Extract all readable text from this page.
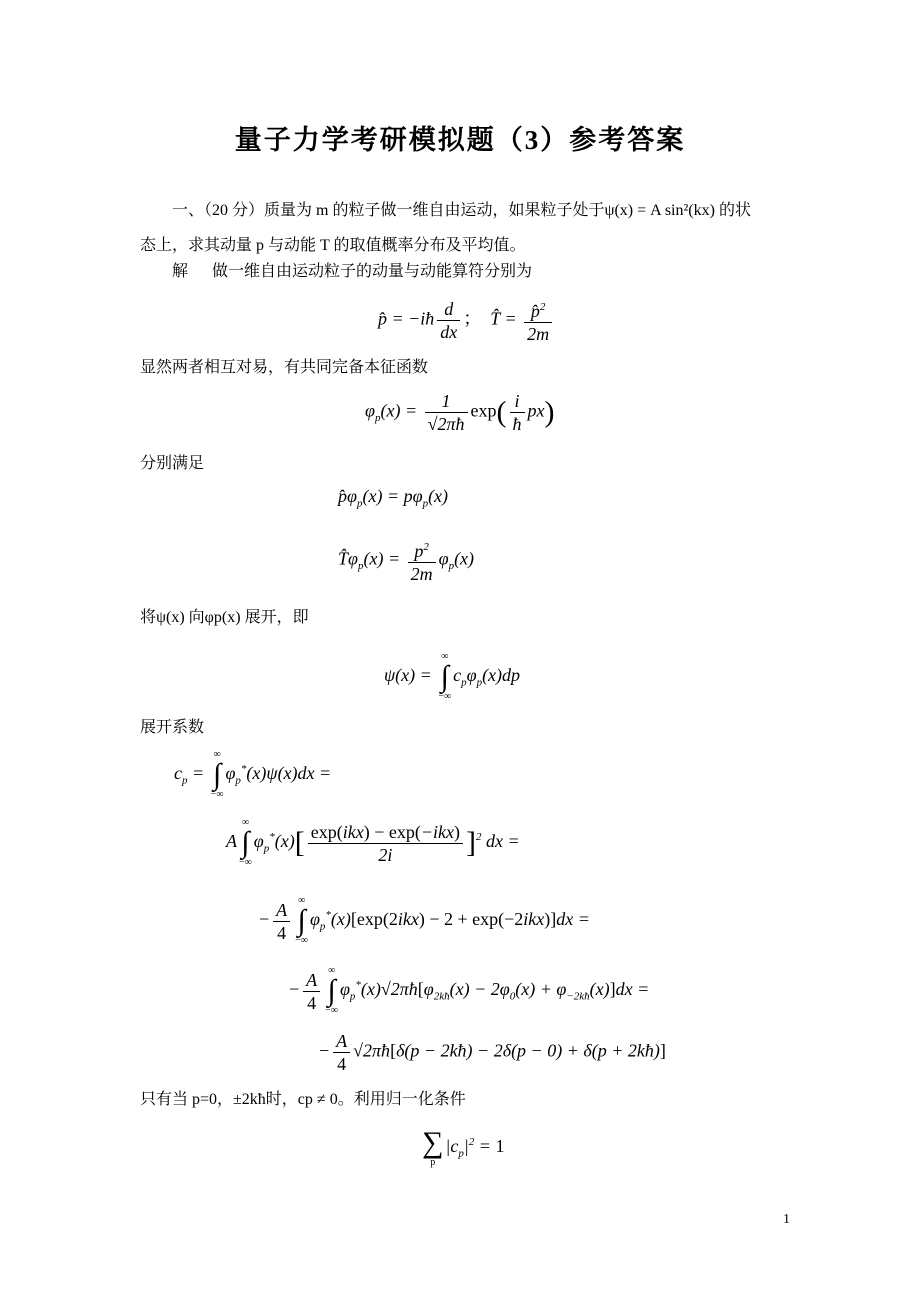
量子力学考研模拟题（3）参考答案
一、（20 分）质量为 m 的粒子做一维自由运动，如果粒子处于ψ(x) = A sin²(kx) 的状
态上，求其动量 p 与动能 T 的取值概率分布及平均值。
解 做一维自由运动粒子的动量与动能算符分别为
p̂ = −iħ $\frac{d}{dx}$ ；  T̂ = $\frac{p̂^2}{2m}$
显然两者相互对易，有共同完备本征函数
$\varphi_p(x) = \frac{1}{√2\pi ħ} \exp( \frac{i}{ħ} px)$
分别满足
$p̂\varphi_p(x) = p\varphi_p(x)$
$T̂\varphi_p(x) = \frac{p^2}{2m} \varphi_p(x)$
将ψ(x) 向φp(x) 展开，即
ψ(x) =
∞
∫
−∞
$c_p\varphi_p(x)dp$
展开系数
$c_p$ =
∞
∫
−∞
$\varphi_p^*(x)\psi(x)dx$ =
A
∞
∫
−∞
$\varphi_p^*(x)[ \frac{\text{exp(ikx) − exp(−ikx)}}{2i} ]^2$ dx =
− $\frac{A}{4}$ ∞
∫
−∞
$\varphi_p^*(x)[\exp(2ikx) - 2 + \exp(-2ikx)]dx$ =
− $\frac{A}{4}$ ∞
∫
−∞
$\varphi_p^*(x)√2\pi ħ[\varphi_{2kħ}(x) - 2\varphi_0(x) + \varphi_{-2kħ}(x)]dx$ =
− $\frac{A}{4}$ √2πħ[δ(p − 2kħ) − 2δ(p − 0) + δ(p + 2kħ)]
只有当 p=0，±2kħ时，cp ≠ 0。利用归一化条件
∑
p
$|c_p|^2 = 1$
1
